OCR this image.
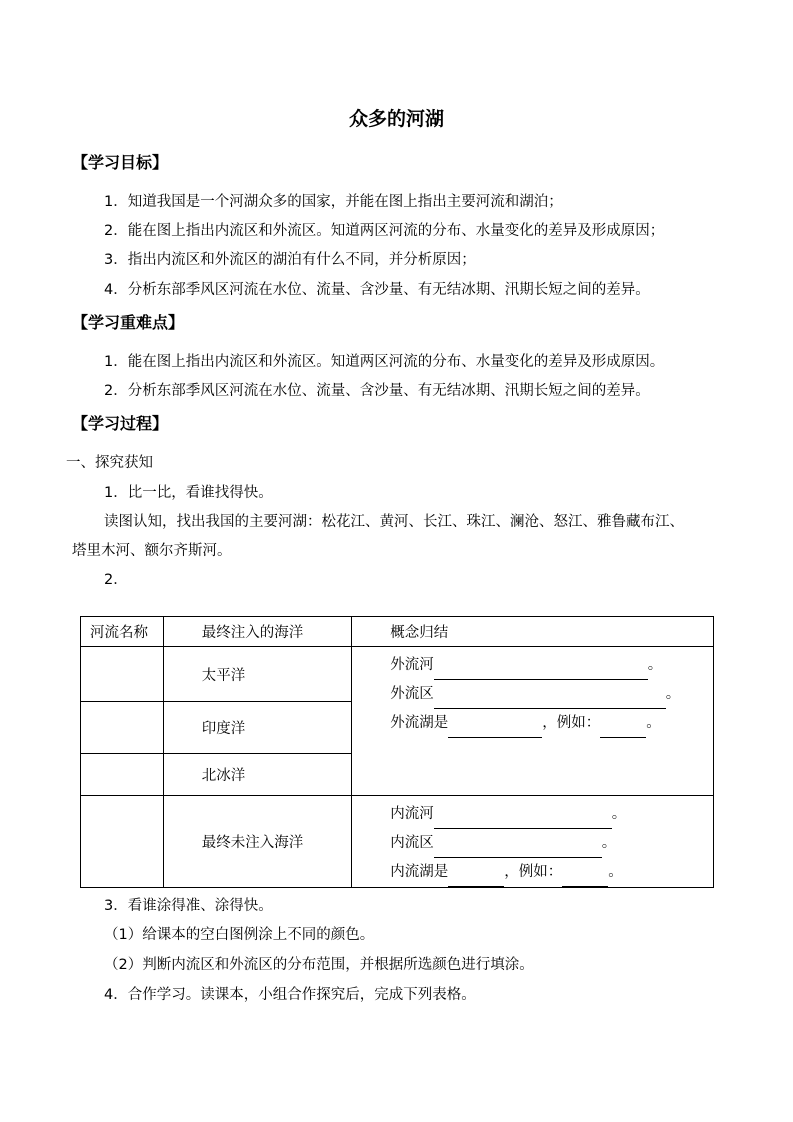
众多的河湖
【学习目标】
1．知道我国是一个河湖众多的国家，并能在图上指出主要河流和湖泊；
2．能在图上指出内流区和外流区。知道两区河流的分布、水量变化的差异及形成原因；
3．指出内流区和外流区的湖泊有什么不同，并分析原因；
4．分析东部季风区河流在水位、流量、含沙量、有无结冰期、汛期长短之间的差异。
【学习重难点】
1．能在图上指出内流区和外流区。知道两区河流的分布、水量变化的差异及形成原因。
2．分析东部季风区河流在水位、流量、含沙量、有无结冰期、汛期长短之间的差异。
【学习过程】
一、探究获知
1．比一比，看谁找得快。
读图认知，找出我国的主要河湖：松花江、黄河、长江、珠江、澜沧、怒江、雅鲁藏布江、
塔里木河、额尔齐斯河。
2．
河流名称	最终注入的海洋	概念归结

	太平洋	外流河 。
外流区 。
外流湖是 ，例如： 。

	印度洋	

	北冰洋	

	最终未注入海洋	内流河 。
内流区 。
内流湖是 ，例如： 。
3．看谁涂得准、涂得快。
（1）给课本的空白图例涂上不同的颜色。
（2）判断内流区和外流区的分布范围，并根据所选颜色进行填涂。
4．合作学习。读课本，小组合作探究后，完成下列表格。
